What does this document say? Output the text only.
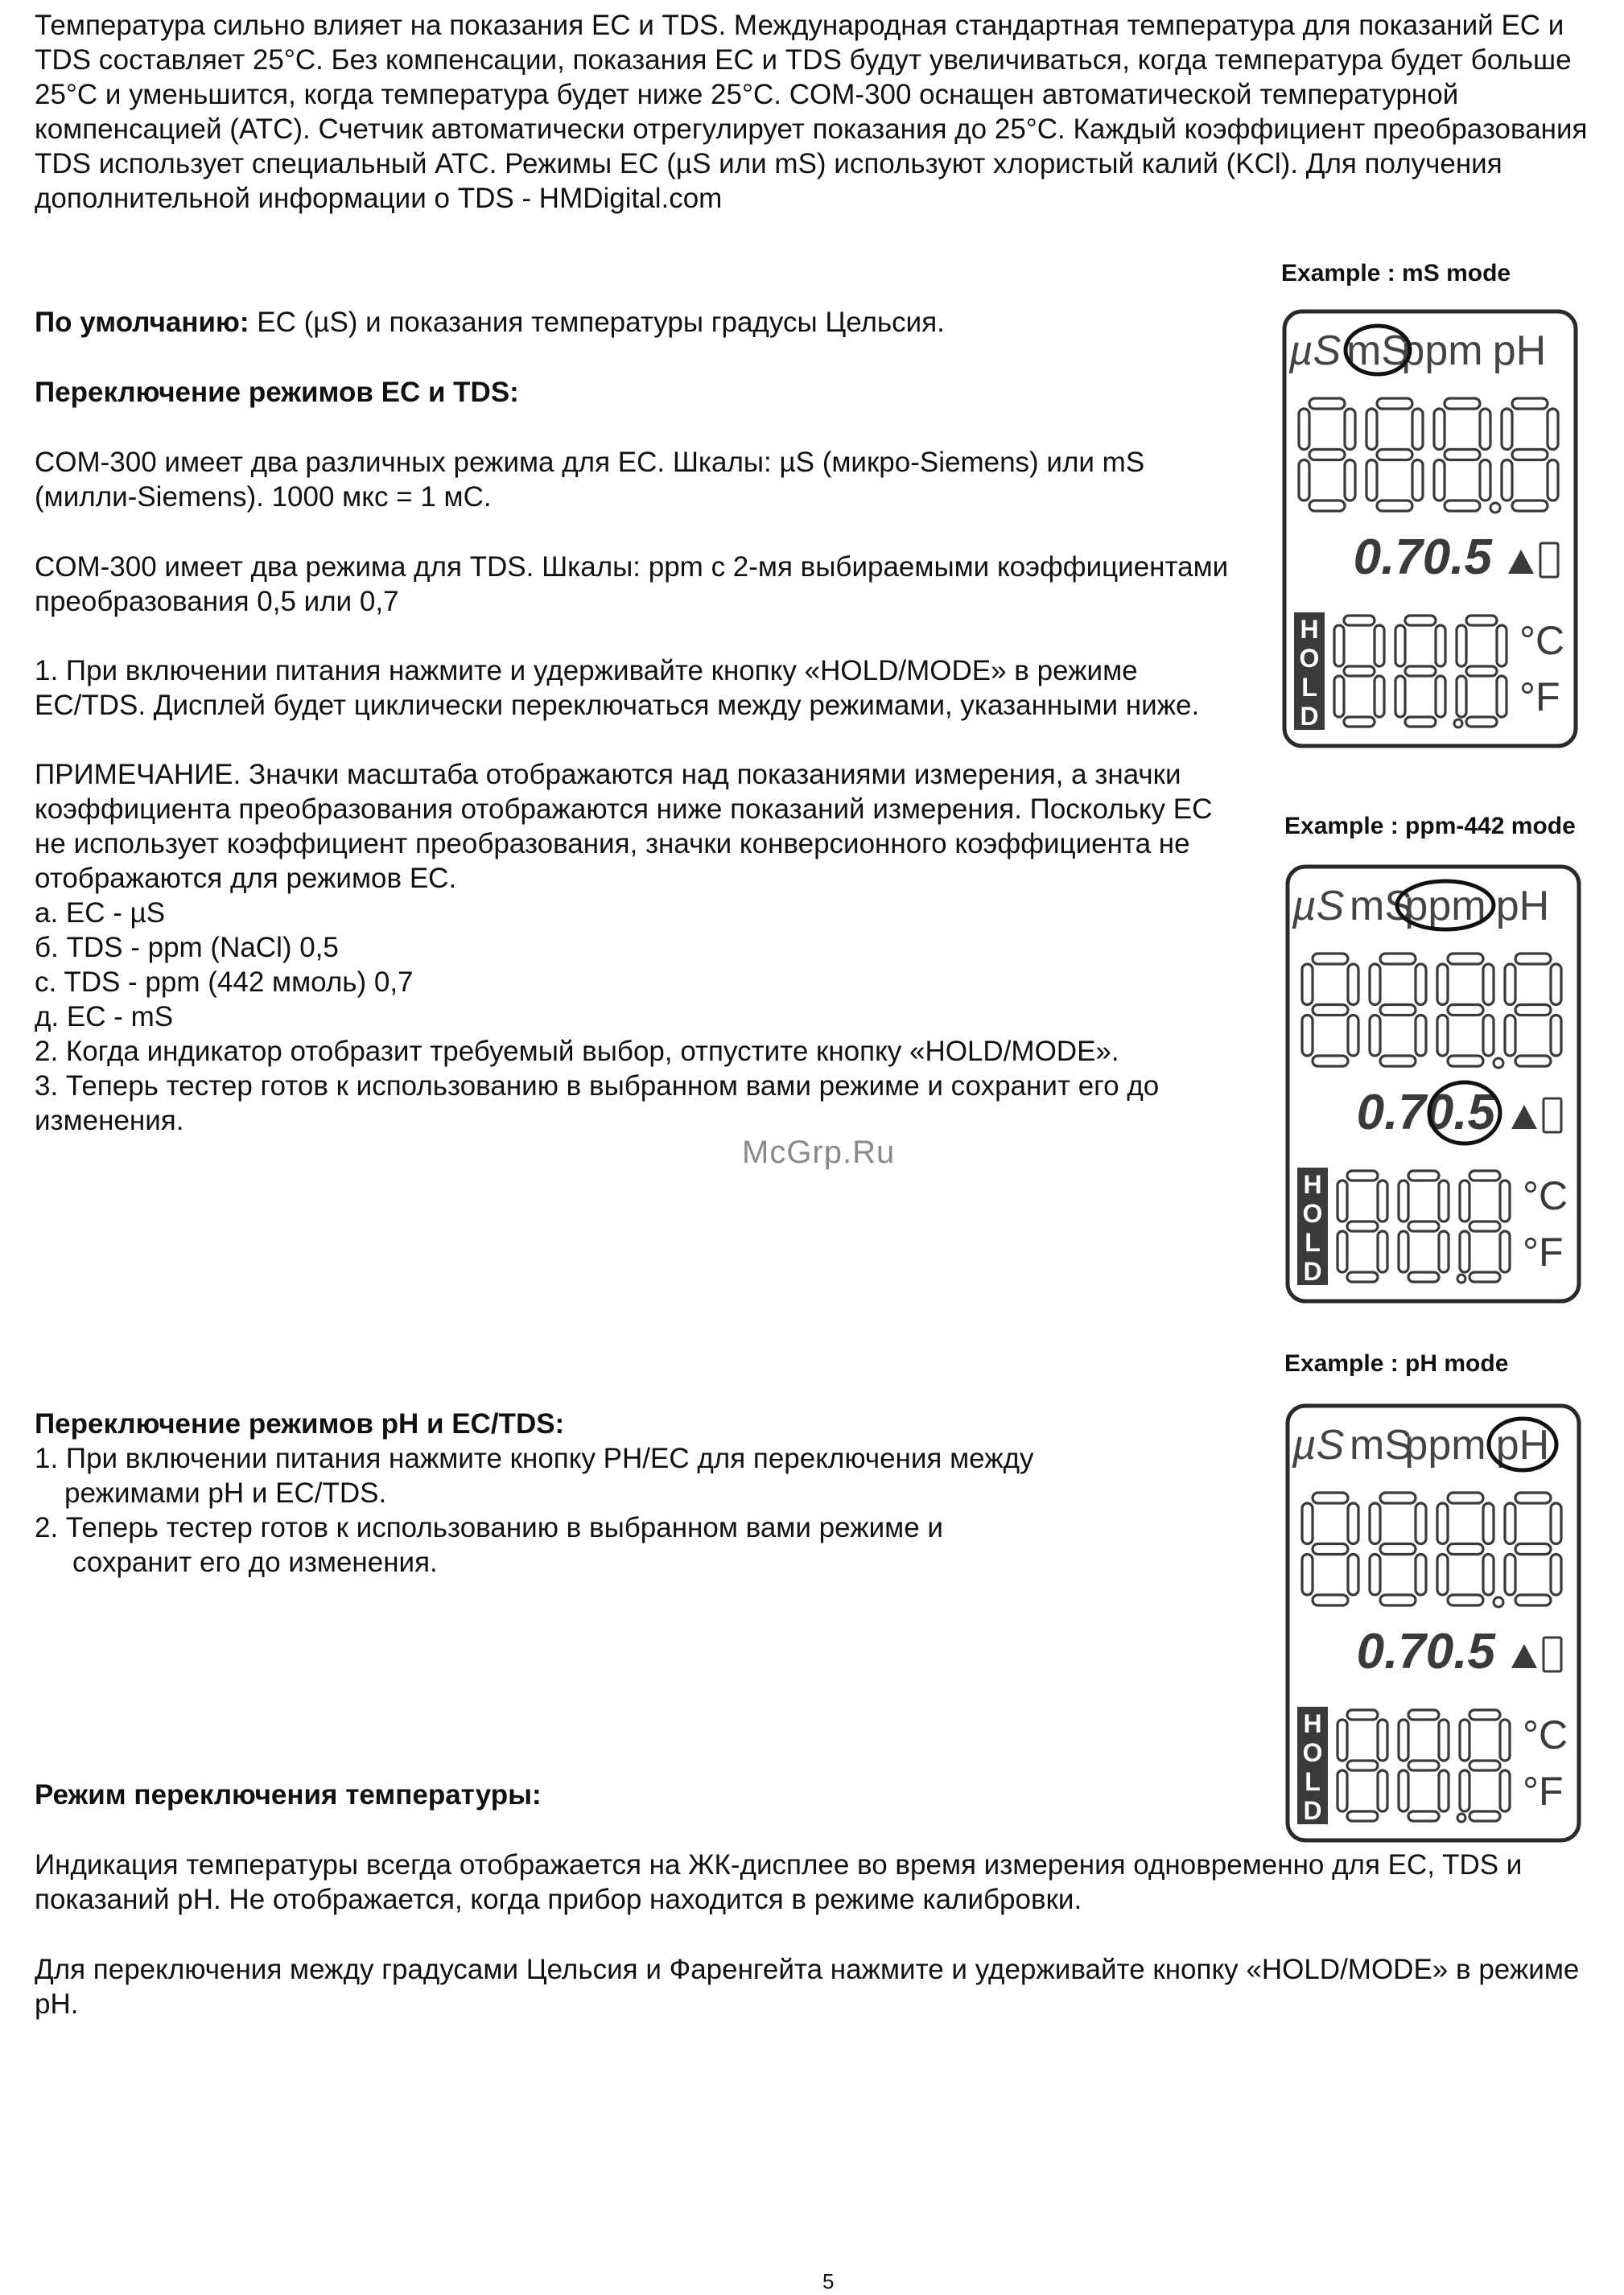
Температура сильно влияет на показания EC и TDS. Международная стандартная температура для показаний EC и TDS составляет 25°C. Без компенсации, показания EC и TDS будут увеличиваться, когда температура будет больше 25°C и уменьшится, когда температура будет ниже 25°C. COM-300 оснащен автоматической температурной компенсацией (ATC). Счетчик автоматически отрегулирует показания до 25°C. Каждый коэффициент преобразования TDS использует специальный ATC. Режимы EC (µS или mS) используют хлористый калий (KCl). Для получения дополнительной информации о TDS - HMDigital.com

По умолчанию: EC (µS) и показания температуры градусы Цельсия.

Переключение режимов EC и TDS:

COM-300 имеет два различных режима для EC. Шкалы: µS (микро-Siemens) или mS (милли-Siemens). 1000 мкс = 1 мС.

COM-300 имеет два режима для TDS. Шкалы: ppm с 2-мя выбираемыми коэффициентами преобразования 0,5 или 0,7

1. При включении питания нажмите и удерживайте кнопку «HOLD/MODE» в режиме EC/TDS. Дисплей будет циклически переключаться между режимами, указанными ниже.

ПРИМЕЧАНИЕ. Значки масштаба отображаются над показаниями измерения, а значки коэффициента преобразования отображаются ниже показаний измерения. Поскольку EC не использует коэффициент преобразования, значки конверсионного коэффициента не отображаются для режимов EC.

a. EC - µS

б. TDS - ppm (NaCl) 0,5

c. TDS - ppm (442 ммоль) 0,7

д. EC - mS

2. Когда индикатор отобразит требуемый выбор, отпустите кнопку «HOLD/MODE».

3. Теперь тестер готов к использованию в выбранном вами режиме и сохранит его до изменения.

Переключение режимов pH и EC/TDS:

1. При включении питания нажмите кнопку PH/EC для переключения между

режимами pH и EC/TDS.

2. Теперь тестер готов к использованию в выбранном вами режиме и

сохранит его до изменения.

Режим переключения температуры:

Индикация температуры всегда отображается на ЖК-дисплее во время измерения одновременно для EC, TDS и показаний pH. Не отображается, когда прибор находится в режиме калибровки.

Для переключения между градусами Цельсия и Фаренгейта нажмите и удерживайте кнопку «HOLD/MODE» в режиме pH.

Example : mS mode
Example : ppm-442 mode
Example : pH mode
µS mS
ppm pH
0.70.5
H
O
L
D
°C
°F
µS mS
ppm pH
0.70.5
H
O
L
D
°C
°F
µS mS
ppm pH
0.70.5
H
O
L
D
°C
°F
McGrp.Ru
5
